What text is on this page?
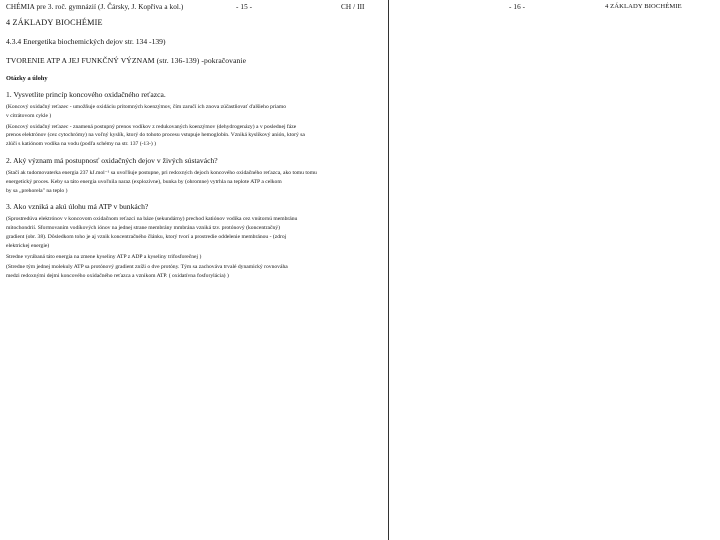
CHÉMIA pre 3. roč. gymnázií (J. Čársky, J. Kopřiva a kol.)	- 15 -	CH / III
4 ZÁKLADY BIOCHÉMIE
4.3.4 Energetika biochemických dejov str. 134 -139)
TVORENIE ATP A JEJ FUNKČNÝ VÝZNAM (str. 136-139) -pokračovanie
Otázky a úlohy
1. Vysvetlite princíp koncového oxidačného reťazca.
(Koncový oxidačný reťazec - umožňuje oxidáciu prítomných koenzýmov, čím zaručí ich znova zúčastňovať ďalšieho priamo
v citrátovom cykle )
(Koncový oxidačný reťazec - znamená postupný prenos vodíkov z redukovaných koenzýmov (dehydrogenázy) a v poslednej fáze
prenos elektrónov (cez cytochrómy) na voľný kyslík, ktorý do tohoto procesu vstupuje hemoglobín. Vzniká kyslíkový anión, ktorý sa
zlúči s katiónom vodíka na vodu (podľa schémy na str. 137 (-13-) )
2. Aký význam má postupnosť oxidačných dejov v živých sústavách?
(Stačí ak tudomovaterka energia 237 kJ.mol⁻¹ sa uvoľňuje postupne, pri redoxných dejoch koncového oxidačného reťazca, ako tomu tomu
energetický proces. Keby sa táto energia uvoľnila naraz (explozívne), bunka by (ohromne) vytrhla na teplote ATP a celkom
by sa „prehorela" na teplo )
3. Ako vzniká a akú úlohu má ATP v bunkách?
(Sprostredúva elektrónov v koncovom oxidačnom reťazci na báze (sekundárny) prechod katiónov vodíka cez vnútornú membránu
mitochondrií. Sformovaním vodíkových iónov na jednej strane membrány mmbrána vzniká tzv. protónový (koncentračný)
gradient (obr. 38). Dôsledkom toho je aj vznik koncentračného článku, ktorý tvorí a prostredie oddelenie membránou - (zdroj
elektrickej energie)
Stredne vyrábaná táto energia na zmene kyseliny ATP z ADP a kyseliny trifosforečnej )
(Stredne tým jednej molekuly ATP sa protónový gradient zníži o dve protóny. Tým sa zachováva trvalé dynamický rovnováha
medzi redoxnými dejmi koncového oxidačného reťazca a vznikom ATP. ( oxidatívna fosforylácia) )
- 16 -	4 ZÁKLADY BIOCHÉMIE
